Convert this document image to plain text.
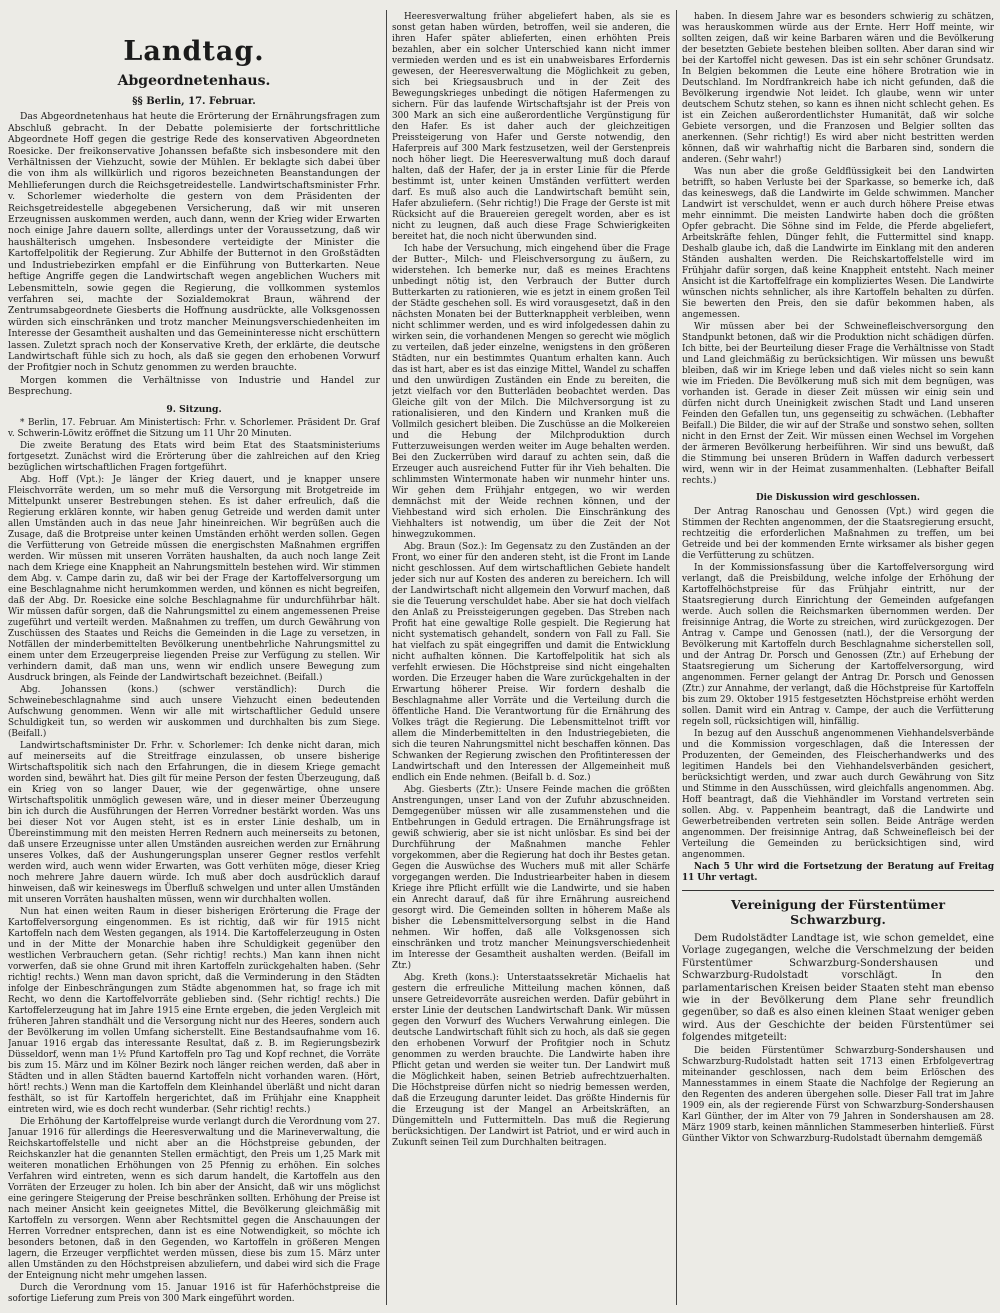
Landtag.
Abgeordnetenhaus.
§§ Berlin, 17. Februar.

Das Abgeordnetenhaus hat heute die Erörterung der Ernährungsfragen zum Abschluß gebracht. In der Debatte polemisierte der fortschrittliche Abgeordnete Hoff gegen die gestrige Rede des konservativen Abgeordneten Roesicke. Der freikonservative Johanssen befaßte sich insbesondere mit den Verhältnissen der Viehzucht, sowie der Mühlen. Er beklagte sich dabei über die von ihm als willkürlich und rigoros bezeichneten Beanstandungen der Mehllieferungen durch die Reichsgetreidestelle. Landwirtschaftsminister Frhr. v. Schorlemer wiederholte die gestern von dem Präsidenten der Reichsgetreidestelle abgegebenen Versicherung, daß wir mit unseren Erzeugnissen auskommen werden, auch dann, wenn der Krieg wider Erwarten noch einige Jahre dauern sollte, allerdings unter der Voraussetzung, daß wir haushälterisch umgehen. Insbesondere verteidigte der Minister die Kartoffelpolitik der Regierung. Zur Abhilfe der Butternot in den Großstädten und Industriebezirken empfahl er die Einführung von Butterkarten. Neue heftige Angriffe gegen die Landwirtschaft wegen angeblichen Wuchers mit Lebensmitteln, sowie gegen die Regierung, die vollkommen systemlos verfahren sei, machte der Sozialdemokrat Braun, während der Zentrumsabgeordnete Giesberts die Hoffnung ausdrückte, alle Volksgenossen würden sich einschränken und trotz mancher Meinungsverschiedenheiten im Interesse der Gesamtheit aushalten und das Gemeininteresse nicht erschüttern lassen. Zuletzt sprach noch der Konservative Kreth, der erklärte, die deutsche Landwirtschaft fühle sich zu hoch, als daß sie gegen den erhobenen Vorwurf der Profitgier noch in Schutz genommen zu werden brauchte.

Morgen kommen die Verhältnisse von Industrie und Handel zur Besprechung.

9. Sitzung.

* Berlin, 17. Februar. Am Ministertisch: Frhr. v. Schorlemer. Präsident Dr. Graf v. Schwerin-Löwitz eröffnet die Sitzung um 11 Uhr 20 Minuten.

Die zweite Beratung des Etats wird beim Etat des Staatsministeriums fortgesetzt. Zunächst wird die Erörterung über die zahlreichen auf den Krieg bezüglichen wirtschaftlichen Fragen fortgeführt.

Abg. Hoff (Vpt.): Je länger der Krieg dauert, und je knapper unsere Fleischvorräte werden, um so mehr muß die Versorgung mit Brotgetreide im Mittelpunkt unserer Bestrebungen stehen. Es ist daher erfreulich, daß die Regierung erklären konnte, wir haben genug Getreide und werden damit unter allen Umständen auch in das neue Jahr hineinreichen. Wir begrüßen auch die Zusage, daß die Brotpreise unter keinen Umständen erhöht werden sollen. Gegen die Verfütterung von Getreide müssen die energischsten Maßnahmen ergriffen werden. Wir müssen mit unseren Vorräten haushalten, da auch noch lange Zeit nach dem Kriege eine Knappheit an Nahrungsmitteln bestehen wird. Wir stimmen dem Abg. v. Campe darin zu, daß wir bei der Frage der Kartoffelversorgung um eine Beschlagnahme nicht herumkommen werden, und können es nicht begreifen, daß der Abg. Dr. Roesicke eine solche Beschlagnahme für undurchführbar hält. Wir müssen dafür sorgen, daß die Nahrungsmittel zu einem angemessenen Preise zugeführt und verteilt werden. Maßnahmen zu treffen, um durch Gewährung von Zuschüssen des Staates und Reichs die Gemeinden in die Lage zu versetzen, in Notfällen der minderbemittelten Bevölkerung unentbehrliche Nahrungsmittel zu einem unter dem Erzeugerpreise liegenden Preise zur Verfügung zu stellen. Wir verhindern damit, daß man uns, wenn wir endlich unsere Bewegung zum Ausdruck bringen, als Feinde der Landwirtschaft bezeichnet. (Beifall.)

Abg. Johanssen (kons.) (schwer verständlich): Durch die Schweinebeschlagnahme sind auch unsere Viehzucht einen bedeutenden Aufschwung genommen. Wenn wir alle mit wirtschaftlicher Geduld unsere Schuldigkeit tun, so werden wir auskommen und durchhalten bis zum Siege. (Beifall.)

Landwirtschaftsminister Dr. Frhr. v. Schorlemer: Ich denke nicht daran, mich auf meinerseits auf die Streitfrage einzulassen, ob unsere bisherige Wirtschaftspolitik sich nach den Erfahrungen, die in diesem Kriege gemacht worden sind, bewährt hat. Dies gilt für meine Person der festen Überzeugung, daß ein Krieg von so langer Dauer, wie der gegenwärtige, ohne unsere Wirtschaftspolitik unmöglich gewesen wäre, und in dieser meiner Überzeugung bin ich durch die Ausführungen der Herren Vorredner bestärkt worden. Was uns bei dieser Not vor Augen steht, ist es in erster Linie deshalb, um in Übereinstimmung mit den meisten Herren Rednern auch meinerseits zu betonen, daß unsere Erzeugnisse unter allen Umständen ausreichen werden zur Ernährung unseres Volkes, daß der Aushungerungsplan unserer Gegner restlos verfehlt werden wird, auch wenn wider Erwarten, was Gott verhüten möge, dieser Krieg noch mehrere Jahre dauern würde. Ich muß aber doch ausdrücklich darauf hinweisen, daß wir keineswegs im Überfluß schwelgen und unter allen Umständen mit unseren Vorräten haushalten müssen, wenn wir durchhalten wollen.

Nun hat einen weiten Raum in dieser bisherigen Erörterung die Frage der Kartoffelversorgung eingenommen. Es ist richtig, daß wir für 1915 nicht Kartoffeln nach dem Westen gegangen, als 1914. Die Kartoffelerzeugung in Osten und in der Mitte der Monarchie haben ihre Schuldigkeit gegenüber den westlichen Verbrauchern getan. (Sehr richtig! rechts.) Man kann ihnen nicht vorwerfen, daß sie ohne Grund mit ihren Kartoffeln zurückgehalten haben. (Sehr richtig! rechts.) Wenn man davon spricht, daß die Verminderung in den Städten infolge der Einbeschrängungen zum Städte abgenommen hat, so frage ich mit Recht, wo denn die Kartoffelvorräte geblieben sind. (Sehr richtig! rechts.) Die Kartoffelerzeugung hat im Jahre 1915 eine Ernte ergeben, die jeden Vergleich mit früheren Jahren standhält und die Versorgung nicht nur des Heeres, sondern auch der Bevölkerung im vollen Umfang sicherstellt. Eine Bestandsaufnahme vom 16. Januar 1916 ergab das interessante Resultat, daß z. B. im Regierungsbezirk Düsseldorf, wenn man 1½ Pfund Kartoffeln pro Tag und Kopf rechnet, die Vorräte bis zum 15. März und im Kölner Bezirk noch länger reichen werden, daß aber in Städten und in allen Städten bauernd Kartoffeln nicht vorhanden waren. (Hört, hört! rechts.) Wenn man die Kartoffeln dem Kleinhandel überläßt und nicht daran festhält, so ist für Kartoffeln hergerichtet, daß im Frühjahr eine Knappheit eintreten wird, wie es doch recht wunderbar. (Sehr richtig! rechts.)

Die Erhöhung der Kartoffelpreise wurde verlangt durch die Verordnung vom 27. Januar 1916 für allerdings die Heeresverwaltung und die Marineverwaltung, die Reichskartoffelstelle und nicht aber an die Höchstpreise gebunden, der Reichskanzler hat die genannten Stellen ermächtigt, den Preis um 1,25 Mark mit weiteren monatlichen Erhöhungen von 25 Pfennig zu erhöhen. Ein solches Verfahren wird eintreten, wenn es sich darum handelt, die Kartoffeln aus den Vorräten der Erzeuger zu holen. Ich bin aber der Ansicht, daß wir uns möglichst eine geringere Steigerung der Preise beschränken sollten. Erhöhung der Preise ist nach meiner Ansicht kein geeignetes Mittel, die Bevölkerung gleichmäßig mit Kartoffeln zu versorgen. Wenn aber Rechtsmittel gegen die Anschauungen der Herren Vorredner entsprechen, dann ist es eine Notwendigkeit, so möchte ich besonders betonen, daß in den Gegenden, wo Kartoffeln in größeren Mengen lagern, die Erzeuger verpflichtet werden müssen, diese bis zum 15. März unter allen Umständen zu den Höchstpreisen abzuliefern, und dabei wird sich die Frage der Enteignung nicht mehr umgehen lassen.

Durch die Verordnung vom 15. Januar 1916 ist für Haferhöchstpreise die sofortige Lieferung zum Preis von 300 Mark eingeführt worden.

Heeresverwaltung früher abgeliefert haben, als sie es sonst getan haben würden, betroffen, weil sie anderen, die ihren Hafer später ablieferten, einen erhöhten Preis bezahlen, aber ein solcher Unterschied kann nicht immer vermieden werden und es ist ein unabweisbares Erfordernis gewesen, der Heeresverwaltung die Möglichkeit zu geben, sich bei Kriegsausbruch und in der Zeit des Bewegungskrieges unbedingt die nötigen Hafermengen zu sichern. Für das laufende Wirtschaftsjahr ist der Preis von 300 Mark an sich eine außerordentliche Vergünstigung für den Hafer. Es ist daher auch der gleichzeitigen Preissteigerung von Hafer und Gerste notwendig, den Haferpreis auf 300 Mark festzusetzen, weil der Gerstenpreis noch höher liegt. Die Heeresverwaltung muß doch darauf halten, daß der Hafer, der ja in erster Linie für die Pferde bestimmt ist, unter keinen Umständen verfüttert werden darf. Es muß also auch die Landwirtschaft bemüht sein, Hafer abzuliefern. (Sehr richtig!) Die Frage der Gerste ist mit Rücksicht auf die Brauereien geregelt worden, aber es ist nicht zu leugnen, daß auch diese Frage Schwierigkeiten bereitet hat, die noch nicht überwunden sind.

Ich habe der Versuchung, mich eingehend über die Frage der Butter-, Milch- und Fleischversorgung zu äußern, zu widerstehen. Ich bemerke nur, daß es meines Erachtens unbedingt nötig ist, den Verbrauch der Butter durch Butterkarten zu rationieren, wie es jetzt in einem großen Teil der Städte geschehen soll. Es wird vorausgesetzt, daß in den nächsten Monaten bei der Butterknappheit verbleiben, wenn nicht schlimmer werden, und es wird infolgedessen dahin zu wirken sein, die vorhandenen Mengen so gerecht wie möglich zu verteilen, daß jeder einzelne, wenigstens in den größeren Städten, nur ein bestimmtes Quantum erhalten kann. Auch das ist hart, aber es ist das einzige Mittel, Wandel zu schaffen und den unwürdigen Zuständen ein Ende zu bereiten, die jetzt vielfach vor den Butterläden beobachtet werden. Das Gleiche gilt von der Milch. Die Milchversorgung ist zu rationalisieren, und den Kindern und Kranken muß die Vollmilch gesichert bleiben. Die Zuschüsse an die Molkereien und die Hebung der Milchproduktion durch Futterzuweisungen werden weiter im Auge behalten werden. Bei den Zuckerrüben wird darauf zu achten sein, daß die Erzeuger auch ausreichend Futter für ihr Vieh behalten. Die schlimmsten Wintermonate haben wir nunmehr hinter uns. Wir gehen dem Frühjahr entgegen, wo wir werden demnächst mit der Weide rechnen können, und der Viehbestand wird sich erholen. Die Einschränkung des Viehhalters ist notwendig, um über die Zeit der Not hinwegzukommen.

Abg. Braun (Soz.): Im Gegensatz zu den Zuständen an der Front, wo einer für den anderen steht, ist die Front im Lande nicht geschlossen. Auf dem wirtschaftlichen Gebiete handelt jeder sich nur auf Kosten des anderen zu bereichern. Ich will der Landwirtschaft nicht allgemein den Vorwurf machen, daß sie die Teuerung verschuldet habe. Aber sie hat doch vielfach den Anlaß zu Preissteigerungen gegeben. Das Streben nach Profit hat eine gewaltige Rolle gespielt. Die Regierung hat nicht systematisch gehandelt, sondern von Fall zu Fall. Sie hat vielfach zu spät eingegriffen und damit die Entwicklung nicht aufhalten können. Die Kartoffelpolitik hat sich als verfehlt erwiesen. Die Höchstpreise sind nicht eingehalten worden. Die Erzeuger haben die Ware zurückgehalten in der Erwartung höherer Preise. Wir fordern deshalb die Beschlagnahme aller Vorräte und die Verteilung durch die öffentliche Hand. Die Verantwortung für die Ernährung des Volkes trägt die Regierung. Die Lebensmittelnot trifft vor allem die Minderbemittelten in den Industriegebieten, die sich die teuren Nahrungsmittel nicht beschaffen können. Das Schwanken der Regierung zwischen den Profitinteressen der Landwirtschaft und den Interessen der Allgemeinheit muß endlich ein Ende nehmen. (Beifall b. d. Soz.)

Abg. Giesberts (Ztr.): Unsere Feinde machen die größten Anstrengungen, unser Land von der Zufuhr abzuschneiden. Demgegenüber müssen wir alle zusammenstehen und die Entbehrungen in Geduld ertragen. Die Ernährungsfrage ist gewiß schwierig, aber sie ist nicht unlösbar. Es sind bei der Durchführung der Maßnahmen manche Fehler vorgekommen, aber die Regierung hat doch ihr Bestes getan. Gegen die Auswüchse des Wuchers muß mit aller Schärfe vorgegangen werden. Die Industriearbeiter haben in diesem Kriege ihre Pflicht erfüllt wie die Landwirte, und sie haben ein Anrecht darauf, daß für ihre Ernährung ausreichend gesorgt wird. Die Gemeinden sollten in höherem Maße als bisher die Lebensmittelversorgung selbst in die Hand nehmen. Wir hoffen, daß alle Volksgenossen sich einschränken und trotz mancher Meinungsverschiedenheit im Interesse der Gesamtheit aushalten werden. (Beifall im Ztr.)

Abg. Kreth (kons.): Unterstaatssekretär Michaelis hat gestern die erfreuliche Mitteilung machen können, daß unsere Getreidevorräte ausreichen werden. Dafür gebührt in erster Linie der deutschen Landwirtschaft Dank. Wir müssen gegen den Vorwurf des Wuchers Verwahrung einlegen. Die deutsche Landwirtschaft fühlt sich zu hoch, als daß sie gegen den erhobenen Vorwurf der Profitgier noch in Schutz genommen zu werden brauchte. Die Landwirte haben ihre Pflicht getan und werden sie weiter tun. Der Landwirt muß die Möglichkeit haben, seinen Betrieb aufrechtzuerhalten. Die Höchstpreise dürfen nicht so niedrig bemessen werden, daß die Erzeugung darunter leidet. Das größte Hindernis für die Erzeugung ist der Mangel an Arbeitskräften, an Düngemitteln und Futtermitteln. Das muß die Regierung berücksichtigen. Der Landwirt ist Patriot, und er wird auch in Zukunft seinen Teil zum Durchhalten beitragen.

haben. In diesem Jahre war es besonders schwierig zu schätzen, was herauskommen würde aus der Ernte. Herr Hoff meinte, wir sollten zeigen, daß wir keine Barbaren wären und die Bevölkerung der besetzten Gebiete bestehen bleiben sollten. Aber daran sind wir bei der Kartoffel nicht gewesen. Das ist ein sehr schöner Grundsatz. In Belgien bekommen die Leute eine höhere Brotration wie in Deutschland. Im Nordfrankreich habe ich nicht gefunden, daß die Bevölkerung irgendwie Not leidet. Ich glaube, wenn wir unter deutschem Schutz stehen, so kann es ihnen nicht schlecht gehen. Es ist ein Zeichen außerordentlichster Humanität, daß wir solche Gebiete versorgen, und die Franzosen und Belgier sollten das anerkennen. (Sehr richtig!) Es wird aber nicht bestritten werden können, daß wir wahrhaftig nicht die Barbaren sind, sondern die anderen. (Sehr wahr!)

Was nun aber die große Geldflüssigkeit bei den Landwirten betrifft, so haben Verluste bei der Sparkasse, so bemerke ich, daß das keineswegs, daß die Landwirte im Gelde schwimmen. Mancher Landwirt ist verschuldet, wenn er auch durch höhere Preise etwas mehr einnimmt. Die meisten Landwirte haben doch die größten Opfer gebracht. Die Söhne sind im Felde, die Pferde abgeliefert, Arbeitskräfte fehlen, Dünger fehlt, die Futtermittel sind knapp. Deshalb glaube ich, daß die Landwirte im Einklang mit den anderen Ständen aushalten werden. Die Reichskartoffelstelle wird im Frühjahr dafür sorgen, daß keine Knappheit entsteht. Nach meiner Ansicht ist die Kartoffelfrage ein kompliziertes Wesen. Die Landwirte wünschen nichts sehnlicher, als ihre Kartoffeln behalten zu dürfen. Sie bewerten den Preis, den sie dafür bekommen haben, als angemessen.

Wir müssen aber bei der Schweinefleischversorgung den Standpunkt betonen, daß wir die Produktion nicht schädigen dürfen. Ich bitte, bei der Beurteilung dieser Frage die Verhältnisse von Stadt und Land gleichmäßig zu berücksichtigen. Wir müssen uns bewußt bleiben, daß wir im Kriege leben und daß vieles nicht so sein kann wie im Frieden. Die Bevölkerung muß sich mit dem begnügen, was vorhanden ist. Gerade in dieser Zeit müssen wir einig sein und dürfen nicht durch Uneinigkeit zwischen Stadt und Land unseren Feinden den Gefallen tun, uns gegenseitig zu schwächen. (Lebhafter Beifall.) Die Bilder, die wir auf der Straße und sonstwo sehen, sollten nicht in den Ernst der Zeit. Wir müssen einen Wechsel im Vorgehen der ärmeren Bevölkerung herbeiführen. Wir sind uns bewußt, daß die Stimmung bei unseren Brüdern in Waffen dadurch verbessert wird, wenn wir in der Heimat zusammenhalten. (Lebhafter Beifall rechts.)

Die Diskussion wird geschlossen.

Der Antrag Ranoschau und Genossen (Vpt.) wird gegen die Stimmen der Rechten angenommen, der die Staatsregierung ersucht, rechtzeitig die erforderlichen Maßnahmen zu treffen, um bei Getreide und bei der kommenden Ernte wirksamer als bisher gegen die Verfütterung zu schützen.

In der Kommissionsfassung über die Kartoffelversorgung wird verlangt, daß die Preisbildung, welche infolge der Erhöhung der Kartoffelhöchstpreise für das Frühjahr eintritt, nur der Staatsregierung durch Einrichtung der Gemeinden aufgefangen werde. Auch sollen die Reichsmarken übernommen werden. Der freisinnige Antrag, die Worte zu streichen, wird zurückgezogen. Der Antrag v. Campe und Genossen (natl.), der die Versorgung der Bevölkerung mit Kartoffeln durch Beschlagnahme sicherstellen soll, und der Antrag Dr. Porsch und Genossen (Ztr.) auf Erhebung der Staatsregierung um Sicherung der Kartoffelversorgung, wird angenommen. Ferner gelangt der Antrag Dr. Porsch und Genossen (Ztr.) zur Annahme, der verlangt, daß die Höchstpreise für Kartoffeln bis zum 29. Oktober 1915 festgesetzten Höchstpreise erhöht werden sollen. Damit wird ein Antrag v. Campe, der auch die Verfütterung regeln soll, rücksichtigen will, hinfällig.

In bezug auf den Ausschuß angenommenen Viehhandelsverbände und die Kommission vorgeschlagen, daß die Interessen der Produzenten, der Gemeinden, des Fleischerhandwerks und des legitimen Handels bei den Viehhandelsverbänden gesichert, berücksichtigt werden, und zwar auch durch Gewährung von Sitz und Stimme in den Ausschüssen, wird gleichfalls angenommen. Abg. Hoff beantragt, daß die Viehhändler im Vorstand vertreten sein sollen. Abg. v. Pappenheim beantragt, daß die Landwirte und Gewerbetreibenden vertreten sein sollen. Beide Anträge werden angenommen. Der freisinnige Antrag, daß Schweinefleisch bei der Verteilung die Gemeinden zu berücksichtigen sind, wird angenommen.

Nach 5 Uhr wird die Fortsetzung der Beratung auf Freitag 11 Uhr vertagt.

Vereinigung der Fürstentümer Schwarzburg.

Dem Rudolstädter Landtage ist, wie schon gemeldet, eine Vorlage zugegangen, welche die Verschmelzung der beiden Fürstentümer Schwarzburg-Sondershausen und Schwarzburg-Rudolstadt vorschlägt. In den parlamentarischen Kreisen beider Staaten steht man ebenso wie in der Bevölkerung dem Plane sehr freundlich gegenüber, so daß es also einen kleinen Staat weniger geben wird. Aus der Geschichte der beiden Fürstentümer sei folgendes mitgeteilt:

Die beiden Fürstentümer Schwarzburg-Sondershausen und Schwarzburg-Rudolstadt hatten seit 1713 einen Erbfolgevertrag miteinander geschlossen, nach dem beim Erlöschen des Mannesstammes in einem Staate die Nachfolge der Regierung an den Regenten des anderen übergehen solle. Dieser Fall trat im Jahre 1909 ein, als der regierende Fürst von Schwarzburg-Sondershausen Karl Günther, der im Alter von 79 Jahren in Sondershausen am 28. März 1909 starb, keinen männlichen Stammeserben hinterließ. Fürst Günther Viktor von Schwarzburg-Rudolstadt übernahm demgemäß
